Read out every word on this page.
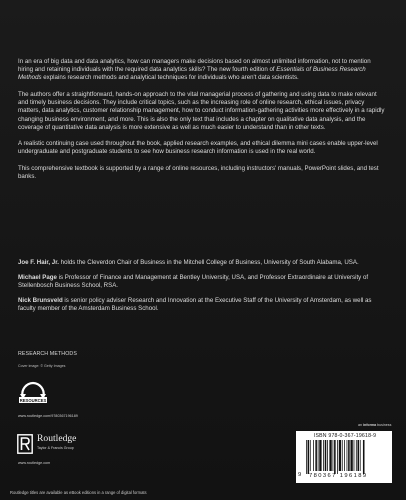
In an era of big data and data analytics, how can managers make decisions based on almost unlimited information, not to mention hiring and retaining individuals with the required data analytics skills? The new fourth edition of Essentials of Business Research Methods explains research methods and analytical techniques for individuals who aren't data scientists.

The authors offer a straightforward, hands-on approach to the vital managerial process of gathering and using data to make relevant and timely business decisions. They include critical topics, such as the increasing role of online research, ethical issues, privacy matters, data analytics, customer relationship management, how to conduct information-gathering activities more effectively in a rapidly changing business environment, and more. This is also the only text that includes a chapter on qualitative data analysis, and the coverage of quantitative data analysis is more extensive as well as much easier to understand than in other texts.

A realistic continuing case used throughout the book, applied research examples, and ethical dilemma mini cases enable upper-level undergraduate and postgraduate students to see how business research information is used in the real world.

This comprehensive textbook is supported by a range of online resources, including instructors' manuals, PowerPoint slides, and test banks.

Joe F. Hair, Jr. holds the Cleverdon Chair of Business in the Mitchell College of Business, University of South Alabama, USA.

Michael Page is Professor of Finance and Management at Bentley University, USA, and Professor Extraordinaire at University of Stellenbosch Business School, RSA.

Nick Brunsveld is senior policy adviser Research and Innovation at the Executive Staff of the University of Amsterdam, as well as faculty member of the Amsterdam Business School.

RESEARCH METHODS
Cover image: © Getty Images
RESOURCES
www.routledge.com/9780367196189
an informa business
Routledge
Taylor & Francis Group
www.routledge.com
ISBN 978-0-367-19618-9
9 780367 196189
Routledge titles are available as eBook editions in a range of digital formats
